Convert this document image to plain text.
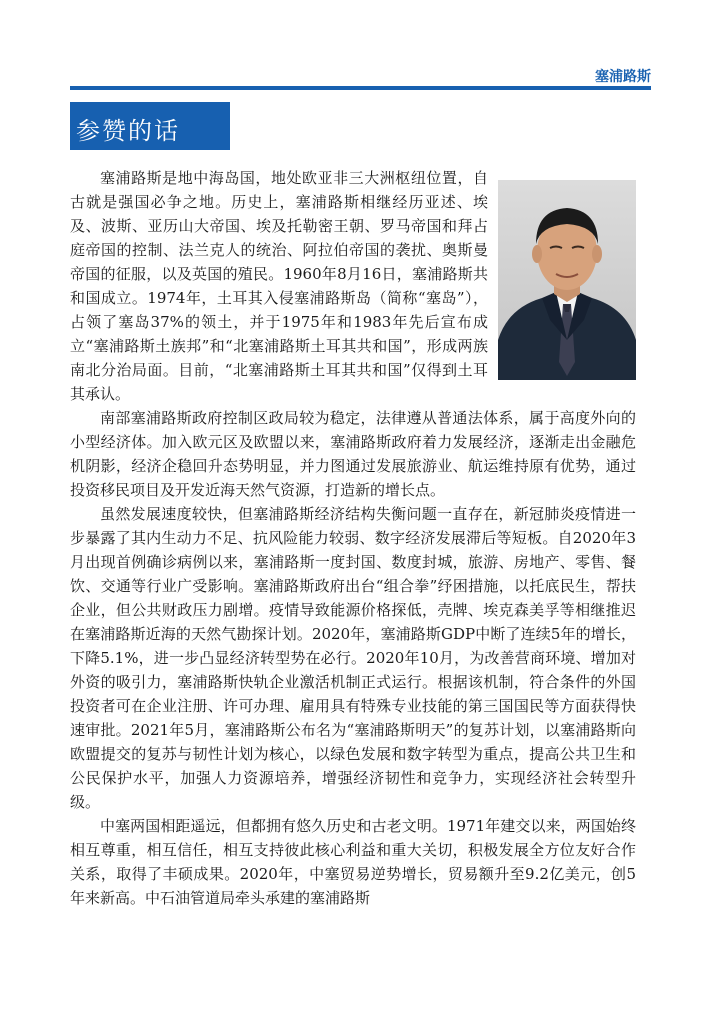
塞浦路斯
参赞的话

塞浦路斯是地中海岛国，地处欧亚非三大洲枢纽位置，自古就是强国必争之地。历史上，塞浦路斯相继经历亚述、埃及、波斯、亚历山大帝国、埃及托勒密王朝、罗马帝国和拜占庭帝国的控制、法兰克人的统治、阿拉伯帝国的袭扰、奥斯曼帝国的征服，以及英国的殖民。1960年8月16日，塞浦路斯共和国成立。1974年，土耳其入侵塞浦路斯岛（简称“塞岛”），占领了塞岛37%的领土，并于1975年和1983年先后宣布成立“塞浦路斯土族邦”和“北塞浦路斯土耳其共和国”，形成两族南北分治局面。目前，“北塞浦路斯土耳其共和国”仅得到土耳其承认。

南部塞浦路斯政府控制区政局较为稳定，法律遵从普通法体系，属于高度外向的小型经济体。加入欧元区及欧盟以来，塞浦路斯政府着力发展经济，逐渐走出金融危机阴影，经济企稳回升态势明显，并力图通过发展旅游业、航运维持原有优势，通过投资移民项目及开发近海天然气资源，打造新的增长点。

虽然发展速度较快，但塞浦路斯经济结构失衡问题一直存在，新冠肺炎疫情进一步暴露了其内生动力不足、抗风险能力较弱、数字经济发展滞后等短板。自2020年3月出现首例确诊病例以来，塞浦路斯一度封国、数度封城，旅游、房地产、零售、餐饮、交通等行业广受影响。塞浦路斯政府出台“组合拳”纾困措施，以托底民生，帮扶企业，但公共财政压力剧增。疫情导致能源价格探低，壳牌、埃克森美孚等相继推迟在塞浦路斯近海的天然气勘探计划。2020年，塞浦路斯GDP中断了连续5年的增长，下降5.1%，进一步凸显经济转型势在必行。2020年10月，为改善营商环境、增加对外资的吸引力，塞浦路斯快轨企业激活机制正式运行。根据该机制，符合条件的外国投资者可在企业注册、许可办理、雇用具有特殊专业技能的第三国国民等方面获得快速审批。2021年5月，塞浦路斯公布名为“塞浦路斯明天”的复苏计划，以塞浦路斯向欧盟提交的复苏与韧性计划为核心，以绿色发展和数字转型为重点，提高公共卫生和公民保护水平，加强人力资源培养，增强经济韧性和竞争力，实现经济社会转型升级。

中塞两国相距遥远，但都拥有悠久历史和古老文明。1971年建交以来，两国始终相互尊重，相互信任，相互支持彼此核心利益和重大关切，积极发展全方位友好合作关系，取得了丰硕成果。2020年，中塞贸易逆势增长，贸易额升至9.2亿美元，创5年来新高。中石油管道局牵头承建的塞浦路斯
